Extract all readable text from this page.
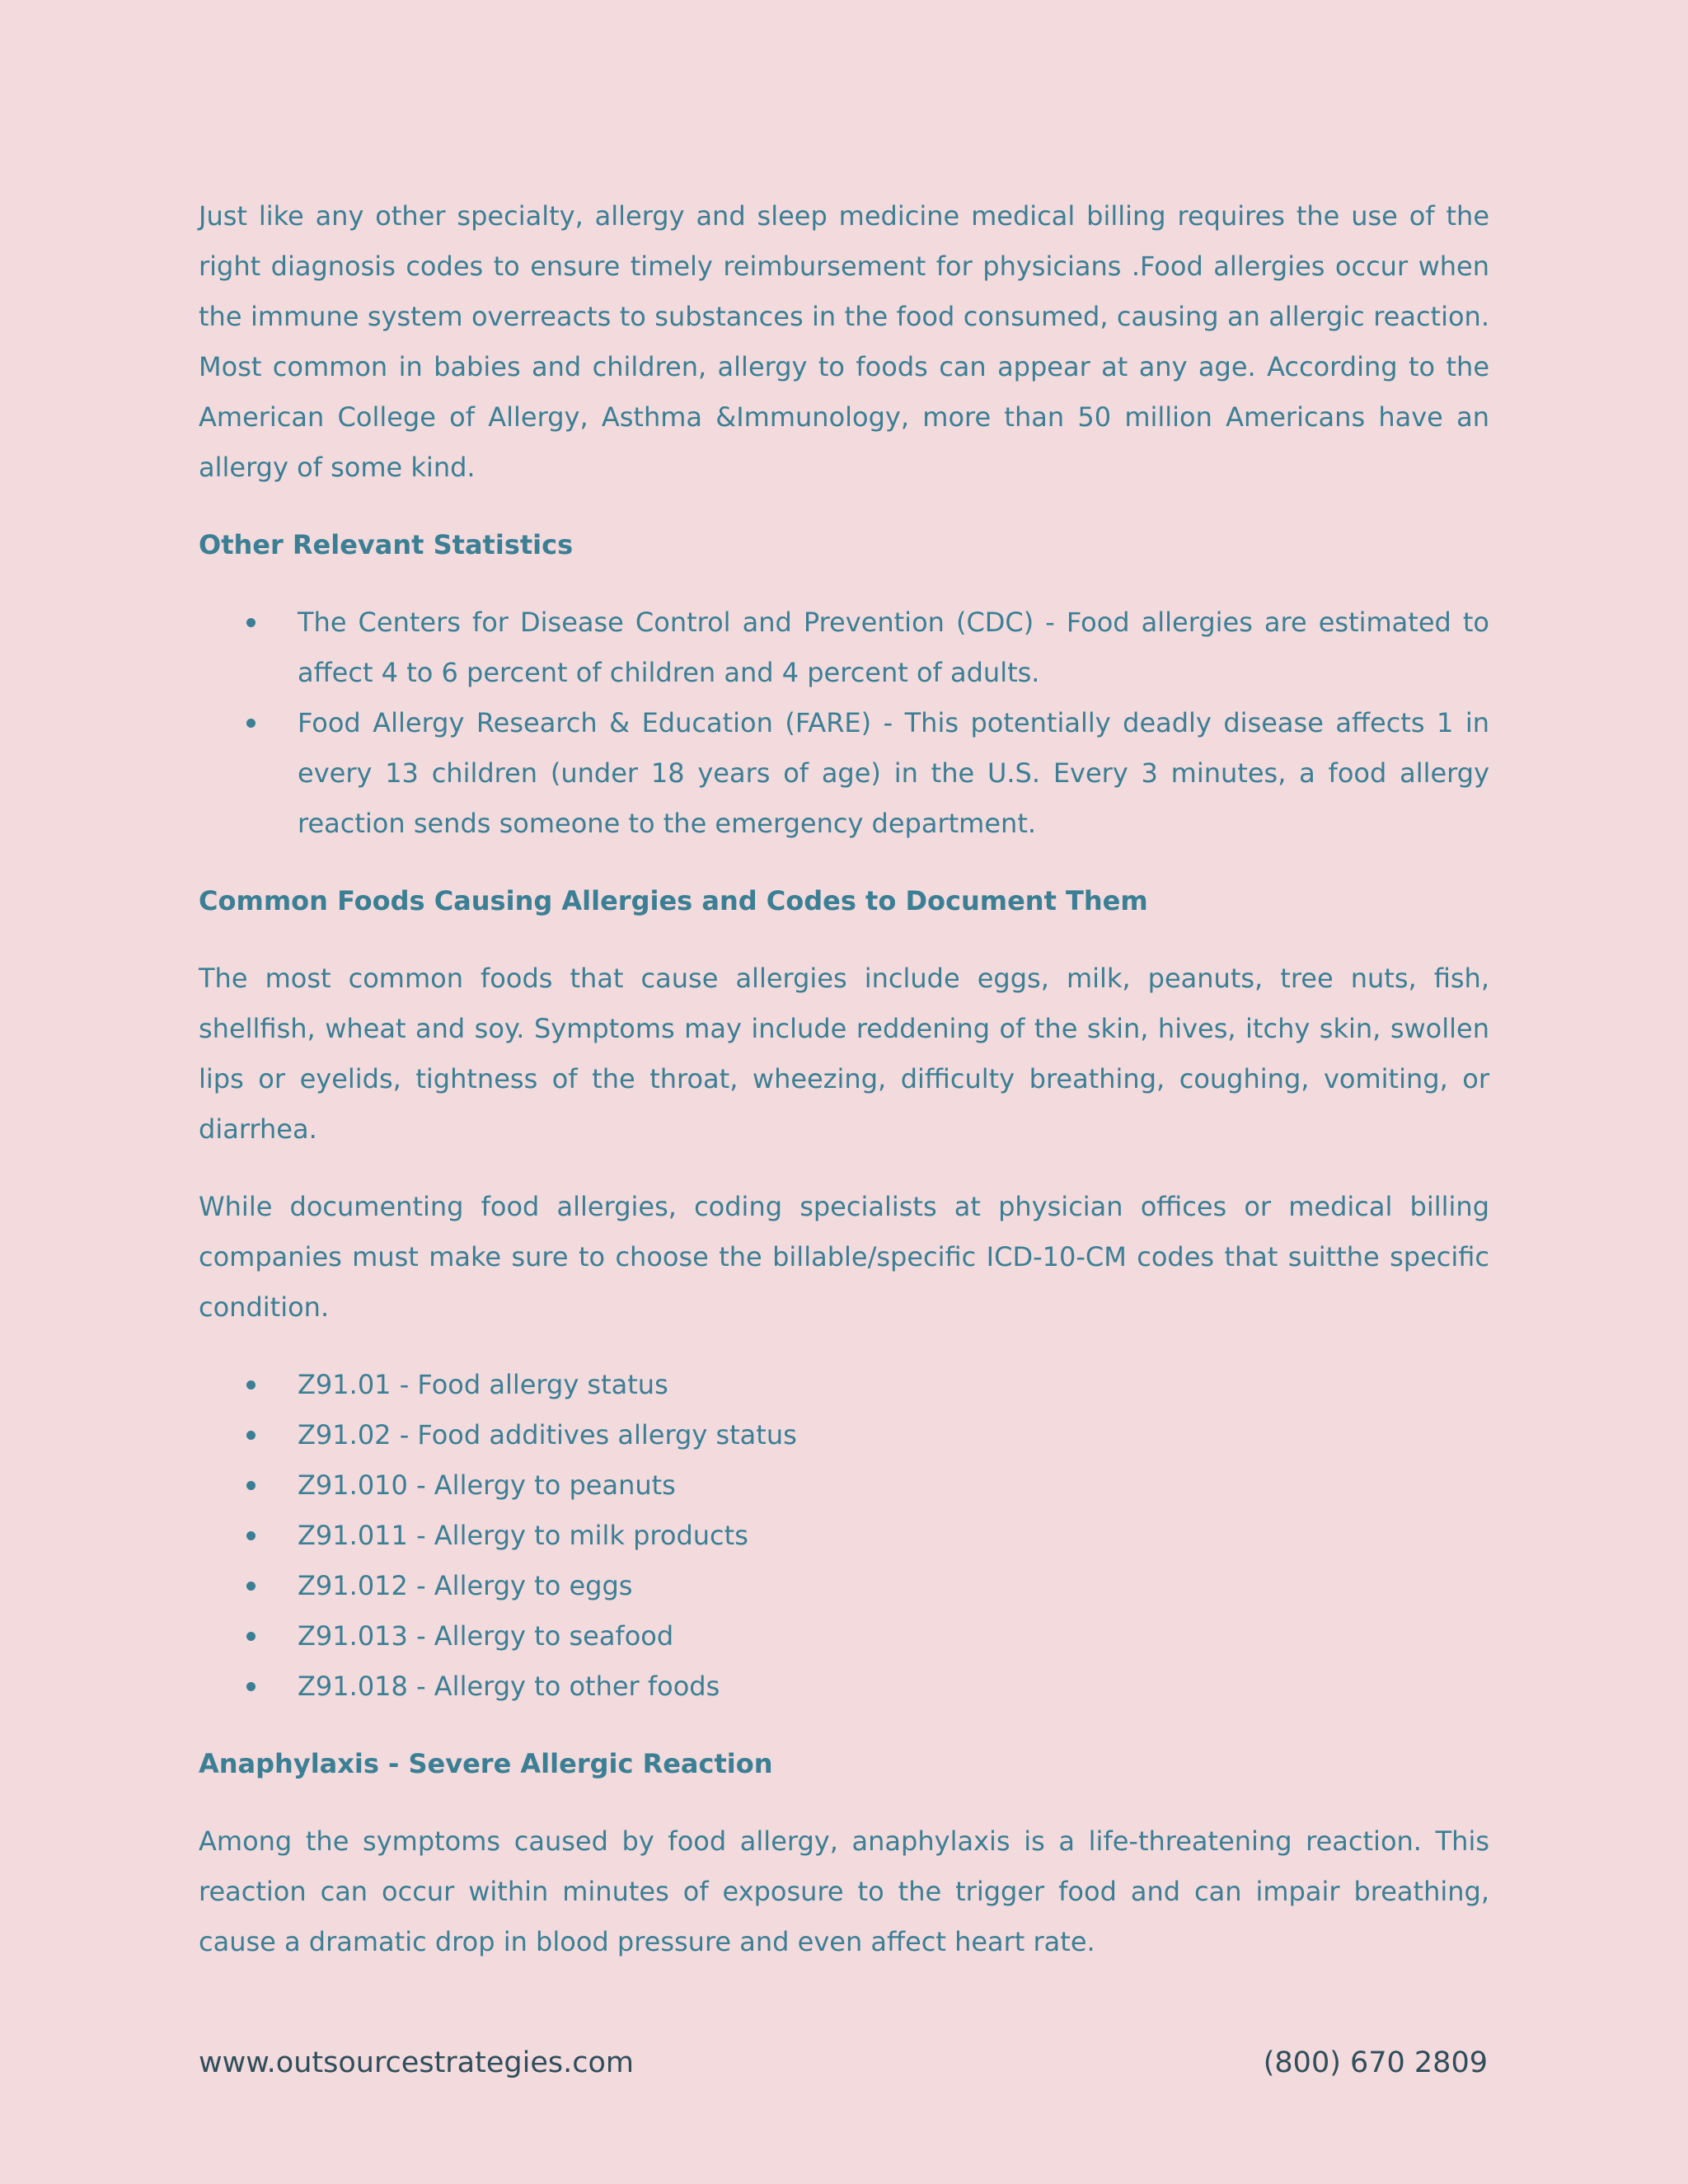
Just like any other specialty, allergy and sleep medicine medical billing requires the use of the right diagnosis codes to ensure timely reimbursement for physicians .Food allergies occur when the immune system overreacts to substances in the food consumed, causing an allergic reaction. Most common in babies and children, allergy to foods can appear at any age. According to the American College of Allergy, Asthma &Immunology, more than 50 million Americans have an allergy of some kind.

Other Relevant Statistics
The Centers for Disease Control and Prevention (CDC) - Food allergies are estimated to affect 4 to 6 percent of children and 4 percent of adults.
Food Allergy Research & Education (FARE) - This potentially deadly disease affects 1 in every 13 children (under 18 years of age) in the U.S. Every 3 minutes, a food allergy reaction sends someone to the emergency department.
Common Foods Causing Allergies and Codes to Document Them

The most common foods that cause allergies include eggs, milk, peanuts, tree nuts, fish, shellfish, wheat and soy. Symptoms may include reddening of the skin, hives, itchy skin, swollen lips or eyelids, tightness of the throat, wheezing, difficulty breathing, coughing, vomiting, or diarrhea.

While documenting food allergies, coding specialists at physician offices or medical billing companies must make sure to choose the billable/specific ICD-10-CM codes that suitthe specific condition.

Z91.01 - Food allergy status
Z91.02 - Food additives allergy status
Z91.010 - Allergy to peanuts
Z91.011 - Allergy to milk products
Z91.012 - Allergy to eggs
Z91.013 - Allergy to seafood
Z91.018 - Allergy to other foods
Anaphylaxis - Severe Allergic Reaction

Among the symptoms caused by food allergy, anaphylaxis is a life-threatening reaction. This reaction can occur within minutes of exposure to the trigger food and can impair breathing, cause a dramatic drop in blood pressure and even affect heart rate.

www.outsourcestrategies.com	(800) 670 2809
